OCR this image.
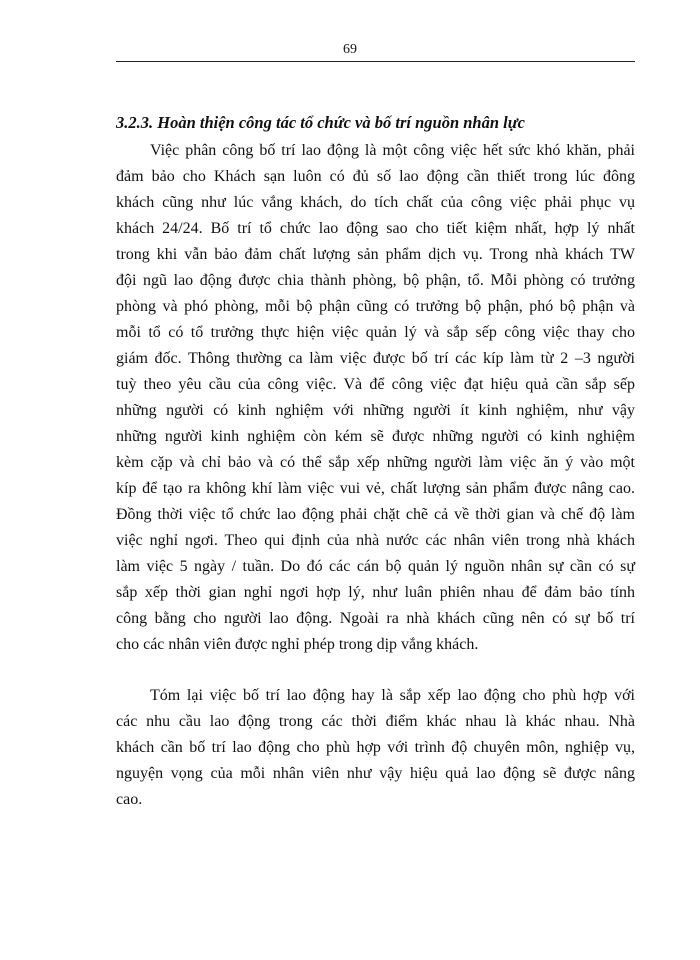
69
3.2.3. Hoàn thiện công tác tổ chức và bố trí nguồn nhân lực
Việc phân công bố trí lao động là một công việc hết sức khó khăn, phải
đảm bảo cho Khách sạn luôn có đủ số lao động cần thiết trong lúc đông
khách cũng như lúc vắng khách, do tích chất của công việc phải phục vụ
khách 24/24. Bố trí tổ chức lao động sao cho tiết kiệm nhất, hợp lý nhất
trong khi vẫn bảo đảm chất lượng sản phẩm dịch vụ. Trong nhà khách TW
đội ngũ lao động được chia thành phòng, bộ phận, tổ. Mỗi phòng có trưởng
phòng và phó phòng, mỗi bộ phận cũng có trưởng bộ phận, phó bộ phận và
mỗi tổ có tổ trưởng thực hiện việc quản lý và sắp sếp công việc thay cho
giám đốc. Thông thường ca làm việc được bố trí các kíp làm từ 2 –3 người
tuỳ theo yêu cầu của công việc. Và để công việc đạt hiệu quả cần sắp sếp
những người có kinh nghiệm với những người ít kinh nghiệm, như vậy
những người kinh nghiệm còn kém sẽ được những người có kinh nghiệm
kèm cặp và chỉ bảo và có thể sắp xếp những người làm việc ăn ý vào một
kíp để tạo ra không khí làm việc vui vẻ, chất lượng sản phẩm được nâng cao.
Đồng thời việc tổ chức lao động phải chặt chẽ cả về thời gian và chế độ làm
việc nghỉ ngơi. Theo qui định của nhà nước các nhân viên trong nhà khách
làm việc 5 ngày / tuần. Do đó các cán bộ quản lý nguồn nhân sự cần có sự
sắp xếp thời gian nghỉ ngơi hợp lý, như luân phiên nhau để đảm bảo tính
công bằng cho người lao động. Ngoài ra nhà khách cũng nên có sự bố trí
cho các nhân viên được nghỉ phép trong dịp vắng khách.
Tóm lại việc bố trí lao động hay là sắp xếp lao động cho phù hợp với
các nhu cầu lao động trong các thời điểm khác nhau là khác nhau. Nhà
khách cần bố trí lao động cho phù hợp với trình độ chuyên môn, nghiệp vụ,
nguyện vọng của mỗi nhân viên như vậy hiệu quả lao động sẽ được nâng
cao.
